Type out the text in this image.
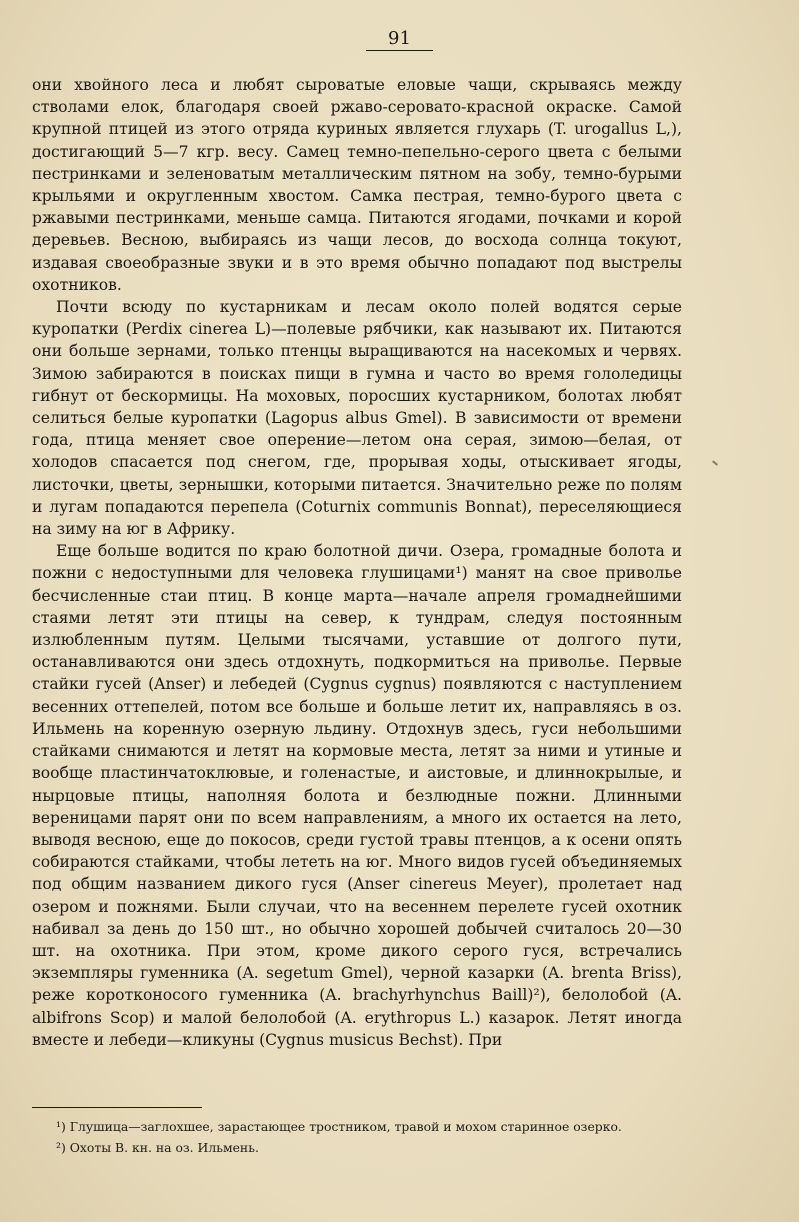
91

они хвойного леса и любят сыроватые еловые чащи, скрываясь между стволами елок, благодаря своей ржаво-серовато-красной окраске. Самой крупной птицей из этого отряда куриных является глухарь (T. urogallus L,), достигающий 5—7 кгр. весу. Самец темно-пепельно-серого цвета с белыми пестринками и зеленоватым металлическим пятном на зобу, темно-бурыми крыльями и округленным хвостом. Самка пестрая, темно-бурого цвета с ржавыми пестринками, меньше самца. Питаются ягодами, почками и корой деревьев. Весною, выбираясь из чащи лесов, до восхода солнца токуют, издавая своеобразные звуки и в это время обычно попадают под выстрелы охотников.

Почти всюду по кустарникам и лесам около полей водятся серые куропатки (Perdix cinerea L)—полевые рябчики, как называют их. Питаются они больше зернами, только птенцы выращиваются на насекомых и червях. Зимою забираются в поисках пищи в гумна и часто во время гололедицы гибнут от бескормицы. На моховых, поросших кустарником, болотах любят селиться белые куропатки (Lagopus albus Gmel). В зависимости от времени года, птица меняет свое оперение—летом она серая, зимою—белая, от холодов спасается под снегом, где, прорывая ходы, отыскивает ягоды, листочки, цветы, зернышки, которыми питается. Значительно реже по полям и лугам попадаются перепела (Coturnix communis Bonnat), переселяющиеся на зиму на юг в Африку.

Еще больше водится по краю болотной дичи. Озера, громадные болота и пожни с недоступными для человека глушицами¹) манят на свое приволье бесчисленные стаи птиц. В конце марта—начале апреля громаднейшими стаями летят эти птицы на север, к тундрам, следуя постоянным излюбленным путям. Целыми тысячами, уставшие от долгого пути, останавливаются они здесь отдохнуть, подкормиться на приволье. Первые стайки гусей (Anser) и лебедей (Cygnus cygnus) появляются с наступлением весенних оттепелей, потом все больше и больше летит их, направляясь в оз. Ильмень на коренную озерную льдину. Отдохнув здесь, гуси небольшими стайками снимаются и летят на кормовые места, летят за ними и утиные и вообще пластинчатоклювые, и голенастые, и аистовые, и длиннокрылые, и нырцовые птицы, наполняя болота и безлюдные пожни. Длинными вереницами парят они по всем направлениям, а много их остается на лето, выводя весною, еще до покосов, среди густой травы птенцов, а к осени опять собираются стайками, чтобы лететь на юг. Много видов гусей объединяемых под общим названием дикого гуся (Anser cinereus Meyer), пролетает над озером и пожнями. Были случаи, что на весеннем перелете гусей охотник набивал за день до 150 шт., но обычно хорошей добычей считалось 20—30 шт. на охотника. При этом, кроме дикого серого гуся, встречались экземпляры гуменника (A. segetum Gmel), черной казарки (A. brenta Briss), реже коротконосого гуменника (A. brachyrhynchus Baill)²), белолобой (A. albifrons Scop) и малой белолобой (A. erythropus L.) казарок. Летят иногда вместе и лебеди—кликуны (Cygnus musicus Bechst). При

¹) Глушица—заглохшее, зарастающее тростником, травой и мохом старинное озерко.

²) Охоты В. кн. на оз. Ильмень.
